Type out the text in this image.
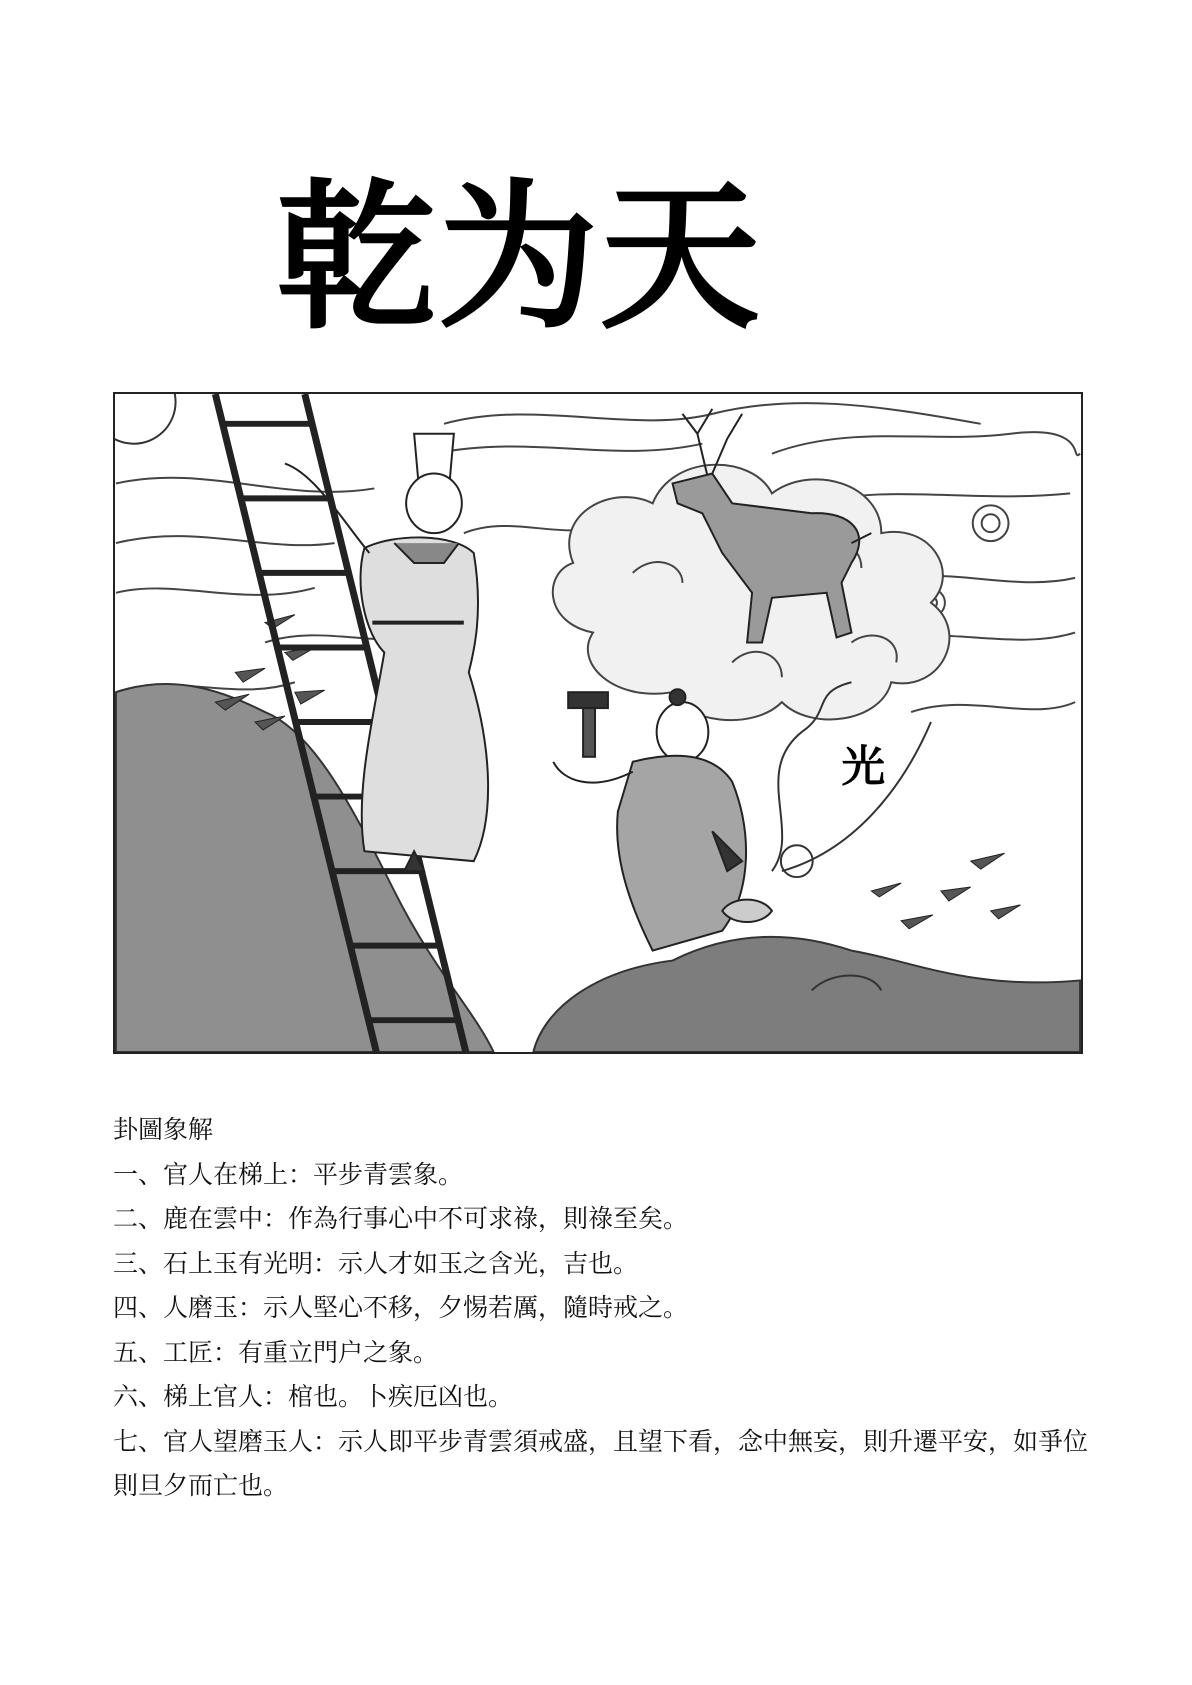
乾为天
光

卦圖象解

一、官人在梯上：平步青雲象。

二、鹿在雲中：作為行事心中不可求祿，則祿至矣。

三、石上玉有光明：示人才如玉之含光，吉也。

四、人磨玉：示人堅心不移，夕惕若厲，隨時戒之。

五、工匠：有重立門户之象。

六、梯上官人：棺也。卜疾厄凶也。

七、官人望磨玉人：示人即平步青雲須戒盛，且望下看，念中無妄，則升遷平安，如爭位則旦夕而亡也。
